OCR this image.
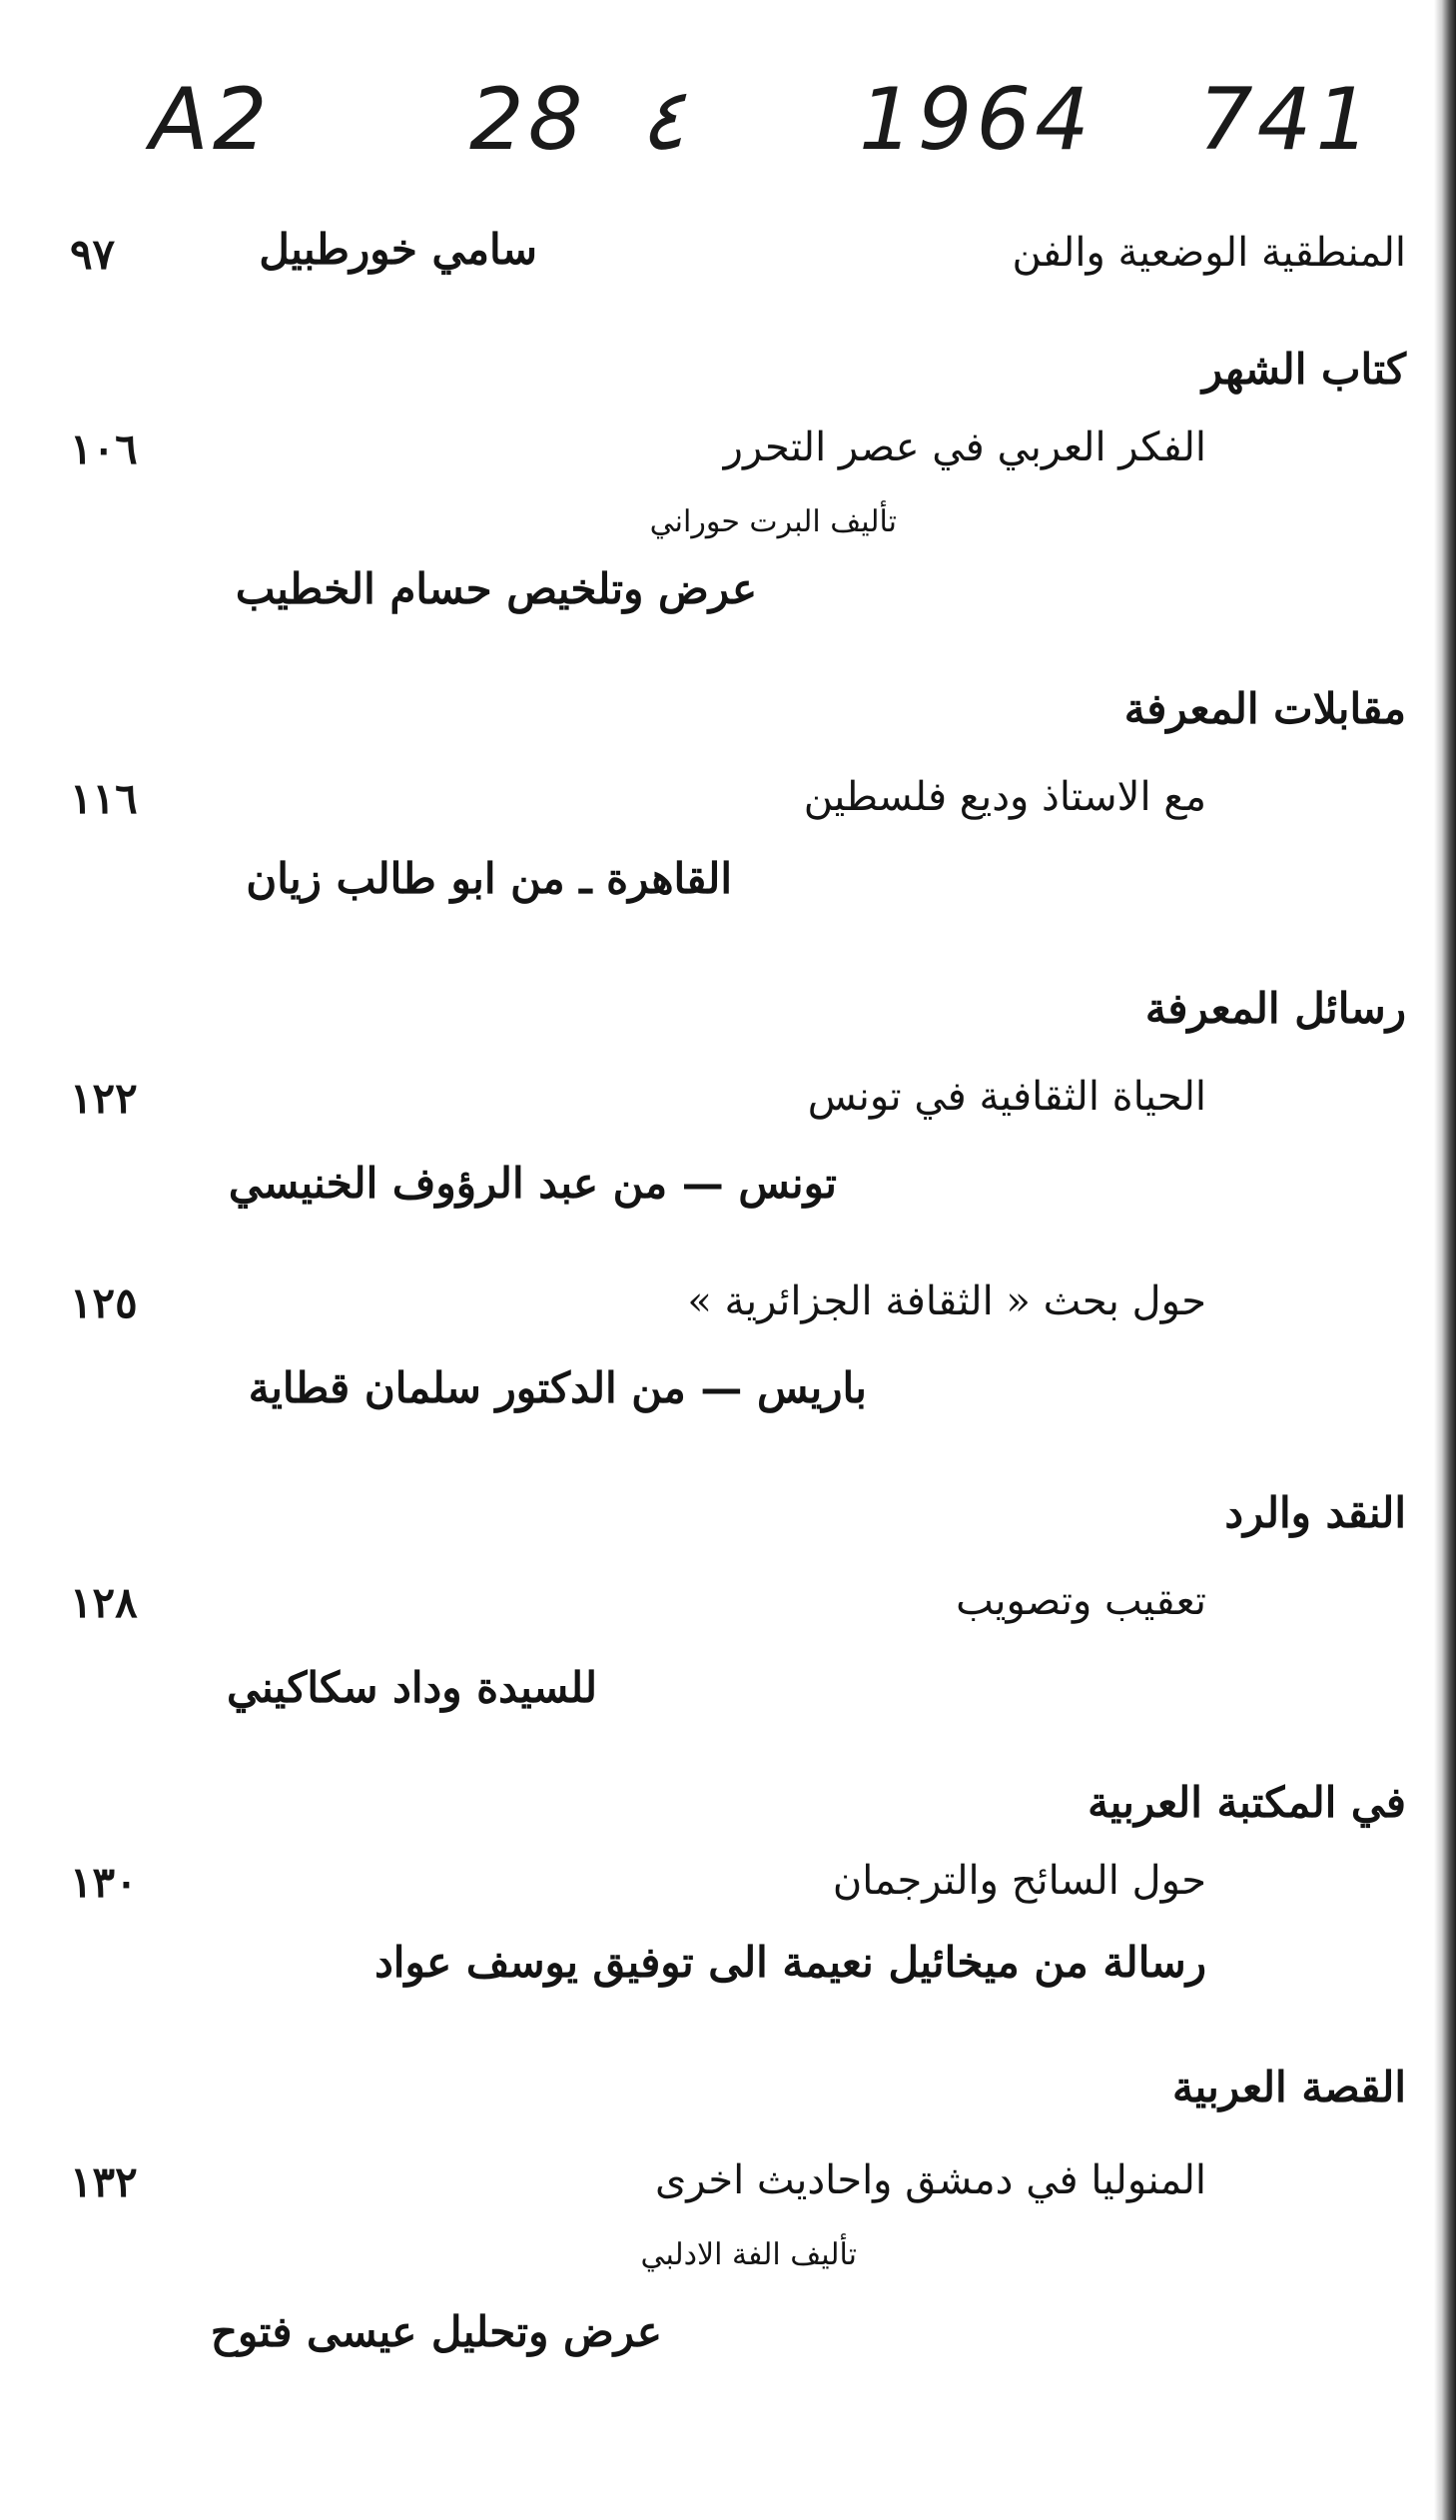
A2 28 ٤ 1964 741
المنطقية الوضعية والفن
سامي خورطبيل
٩٧
كتاب الشهر
الفكر العربي في عصر التحرر
١٠٦
تأليف البرت حوراني
عرض وتلخيص حسام الخطيب
مقابلات المعرفة
مع الاستاذ وديع فلسطين
١١٦
القاهرة ـ من ابو طالب زيان
رسائل المعرفة
الحياة الثقافية في تونس
١٢٢
تونس — من عبد الرؤوف الخنيسي
حول بحث « الثقافة الجزائرية »
١٢٥
باريس — من الدكتور سلمان قطاية
النقد والرد
تعقيب وتصويب
١٢٨
للسيدة وداد سكاكيني
في المكتبة العربية
حول السائح والترجمان
١٣٠
رسالة من ميخائيل نعيمة الى توفيق يوسف عواد
القصة العربية
المنوليا في دمشق واحاديث اخرى
١٣٢
تأليف الفة الادلبي
عرض وتحليل عيسى فتوح
